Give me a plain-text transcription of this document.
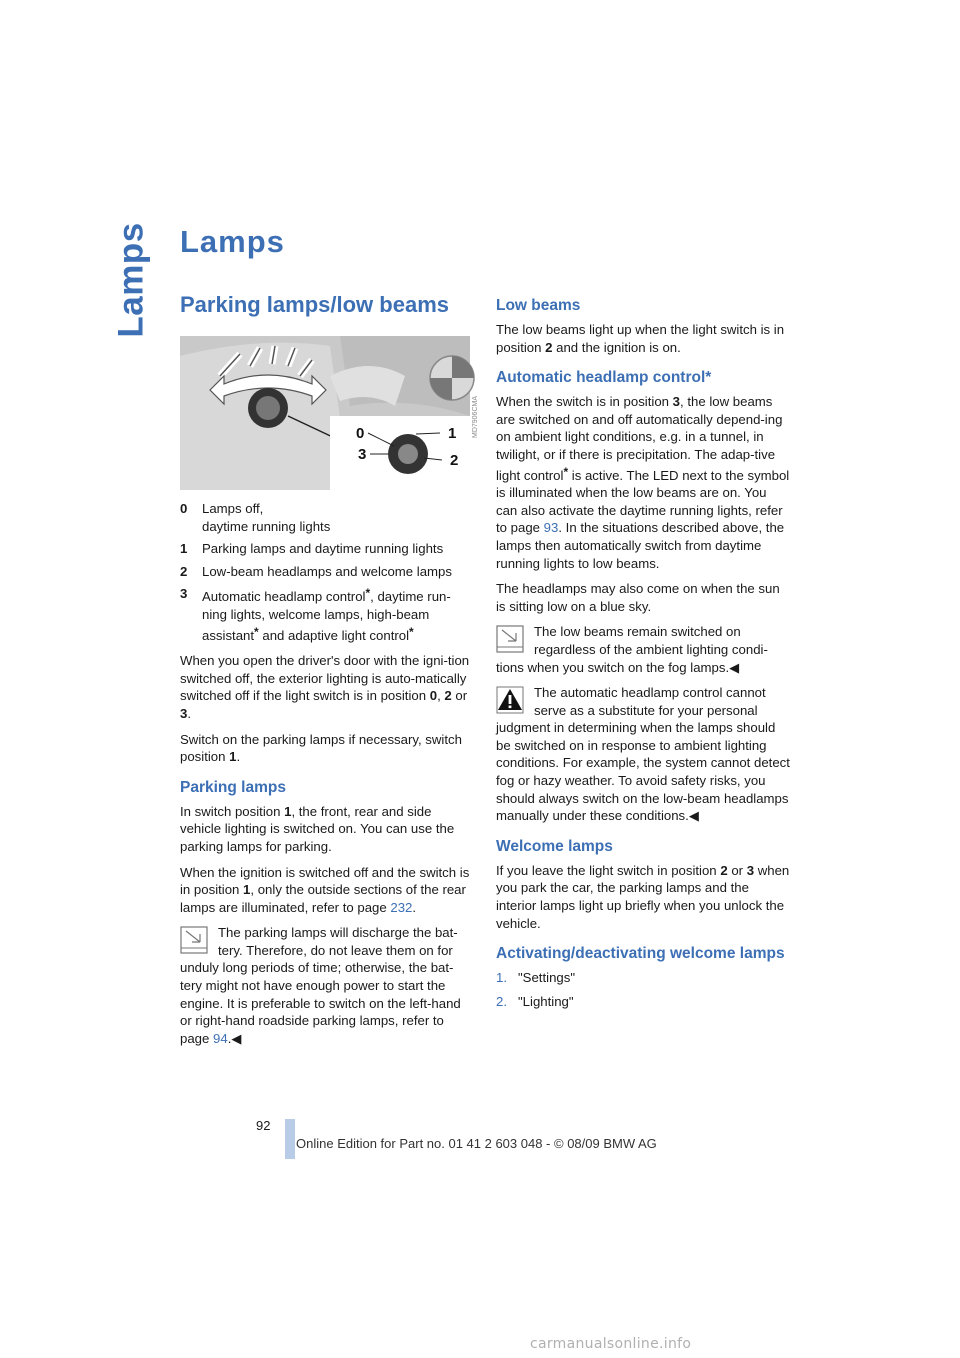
Lamps Lamps
Parking lamps/low beams
0	1
2
3
MD7906CMA
0	Lamps off,
daytime running lights
1	Parking lamps and daytime running lights
2	Low-beam headlamps and welcome lamps
3	Automatic headlamp control*, daytime run-ning lights, welcome lamps, high-beam assistant* and adaptive light control*

When you open the driver's door with the igni-tion switched off, the exterior lighting is auto-matically switched off if the light switch is in position 0, 2 or 3.

Switch on the parking lamps if necessary, switch position 1.

Parking lamps

In switch position 1, the front, rear and side vehicle lighting is switched on. You can use the parking lamps for parking.

When the ignition is switched off and the switch is in position 1, only the outside sections of the rear lamps are illuminated, refer to page 232.

The parking lamps will discharge the bat-tery. Therefore, do not leave them on for unduly long periods of time; otherwise, the bat-tery might not have enough power to start the engine. It is preferable to switch on the left-hand or right-hand roadside parking lamps, refer to page 94.◀
Low beams

The low beams light up when the light switch is in position 2 and the ignition is on.

Automatic headlamp control*

When the switch is in position 3, the low beams are switched on and off automatically depend-ing on ambient light conditions, e.g. in a tunnel, in twilight, or if there is precipitation. The adap-tive light control* is active. The LED next to the symbol is illuminated when the low beams are on. You can also activate the daytime running lights, refer to page 93. In the situations described above, the lamps then automatically switch from daytime running lights to low beams.

The headlamps may also come on when the sun is sitting low on a blue sky.

The low beams remain switched on regardless of the ambient lighting condi-tions when you switch on the fog lamps.◀
The automatic headlamp control cannot serve as a substitute for your personal judgment in determining when the lamps should be switched on in response to ambient lighting conditions. For example, the system cannot detect fog or hazy weather. To avoid safety risks, you should always switch on the low-beam headlamps manually under these conditions.◀
Welcome lamps

If you leave the light switch in position 2 or 3 when you park the car, the parking lamps and the interior lamps light up briefly when you unlock the vehicle.

Activating/deactivating welcome lamps
1. "Settings"
2. "Lighting"
92
Online Edition for Part no. 01 41 2 603 048 - © 08/09 BMW AG
carmanualsonline.info
